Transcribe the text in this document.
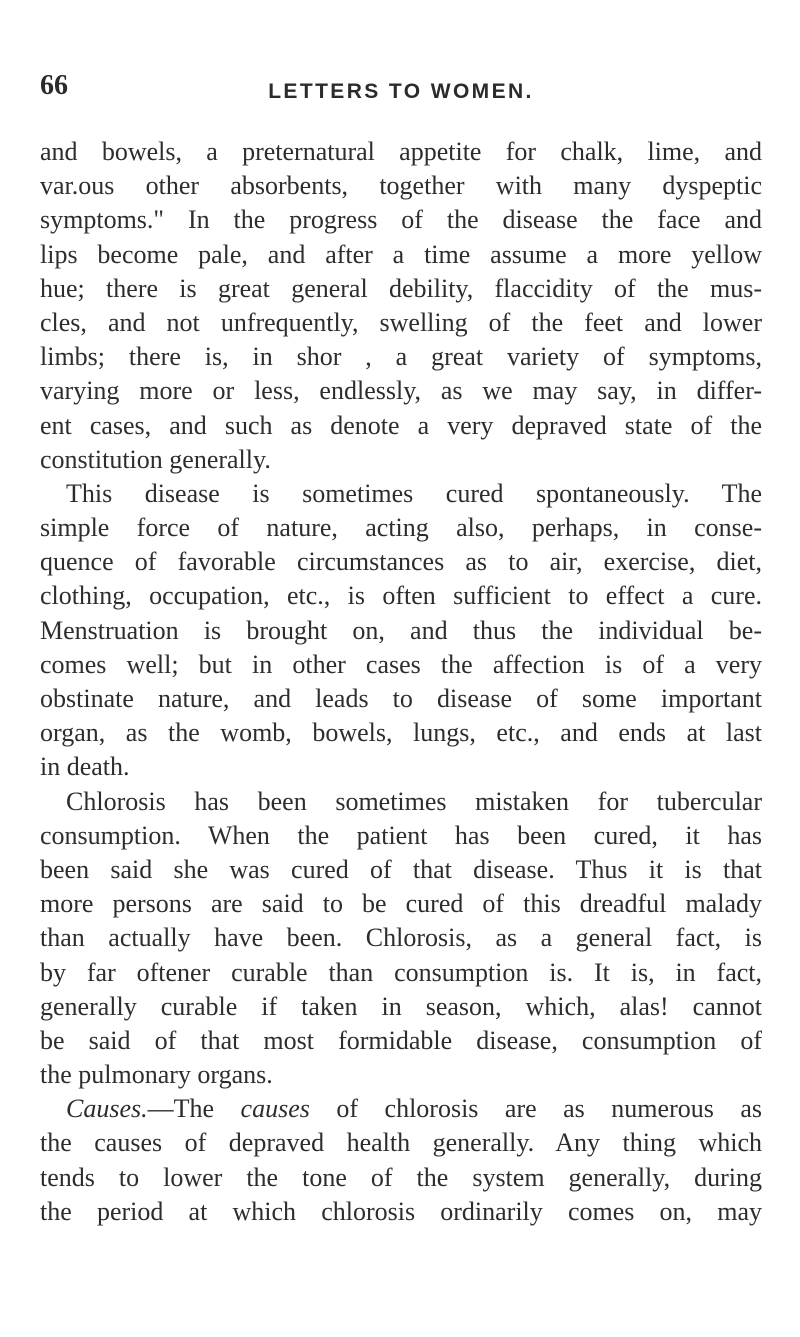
66	LETTERS TO WOMEN.
and bowels, a preternatural appetite for chalk, lime, and
var.ous other absorbents, together with many dyspeptic
symptoms." In the progress of the disease the face and
lips become pale, and after a time assume a more yellow
hue; there is great general debility, flaccidity of the mus-
cles, and not unfrequently, swelling of the feet and lower
limbs; there is, in shor , a great variety of symptoms,
varying more or less, endlessly, as we may say, in differ-
ent cases, and such as denote a very depraved state of the
constitution generally.
This disease is sometimes cured spontaneously. The
simple force of nature, acting also, perhaps, in conse-
quence of favorable circumstances as to air, exercise, diet,
clothing, occupation, etc., is often sufficient to effect a cure.
Menstruation is brought on, and thus the individual be-
comes well; but in other cases the affection is of a very
obstinate nature, and leads to disease of some important
organ, as the womb, bowels, lungs, etc., and ends at last
in death.
Chlorosis has been sometimes mistaken for tubercular
consumption. When the patient has been cured, it has
been said she was cured of that disease. Thus it is that
more persons are said to be cured of this dreadful malady
than actually have been. Chlorosis, as a general fact, is
by far oftener curable than consumption is. It is, in fact,
generally curable if taken in season, which, alas! cannot
be said of that most formidable disease, consumption of
the pulmonary organs.
Causes.—The causes of chlorosis are as numerous as
the causes of depraved health generally. Any thing which
tends to lower the tone of the system generally, during
the period at which chlorosis ordinarily comes on, may
